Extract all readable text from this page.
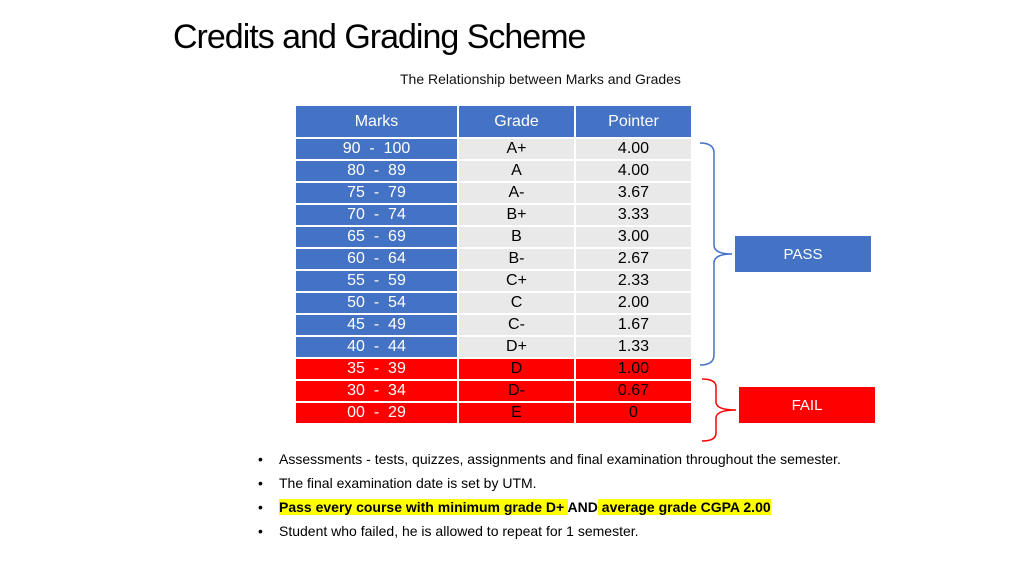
Credits and Grading Scheme
The Relationship between Marks and Grades
Marks	Grade	Pointer
90  -  100	A+	4.00
80  -  89	A	4.00
75  -  79	A-	3.67
70  -  74	B+	3.33
65  -  69	B	3.00
60  -  64	B-	2.67
55  -  59	C+	2.33
50  -  54	C	2.00
45  -  49	C-	1.67
40  -  44	D+	1.33
35  -  39	D	1.00
30  -  34	D-	0.67
00  -  29	E	0
PASS
FAIL
• Assessments - tests, quizzes, assignments and final examination throughout the semester.
• The final examination date is set by UTM.
• Pass every course with minimum grade D+ AND average grade CGPA 2.00
• Student who failed, he is allowed to repeat for 1 semester.
